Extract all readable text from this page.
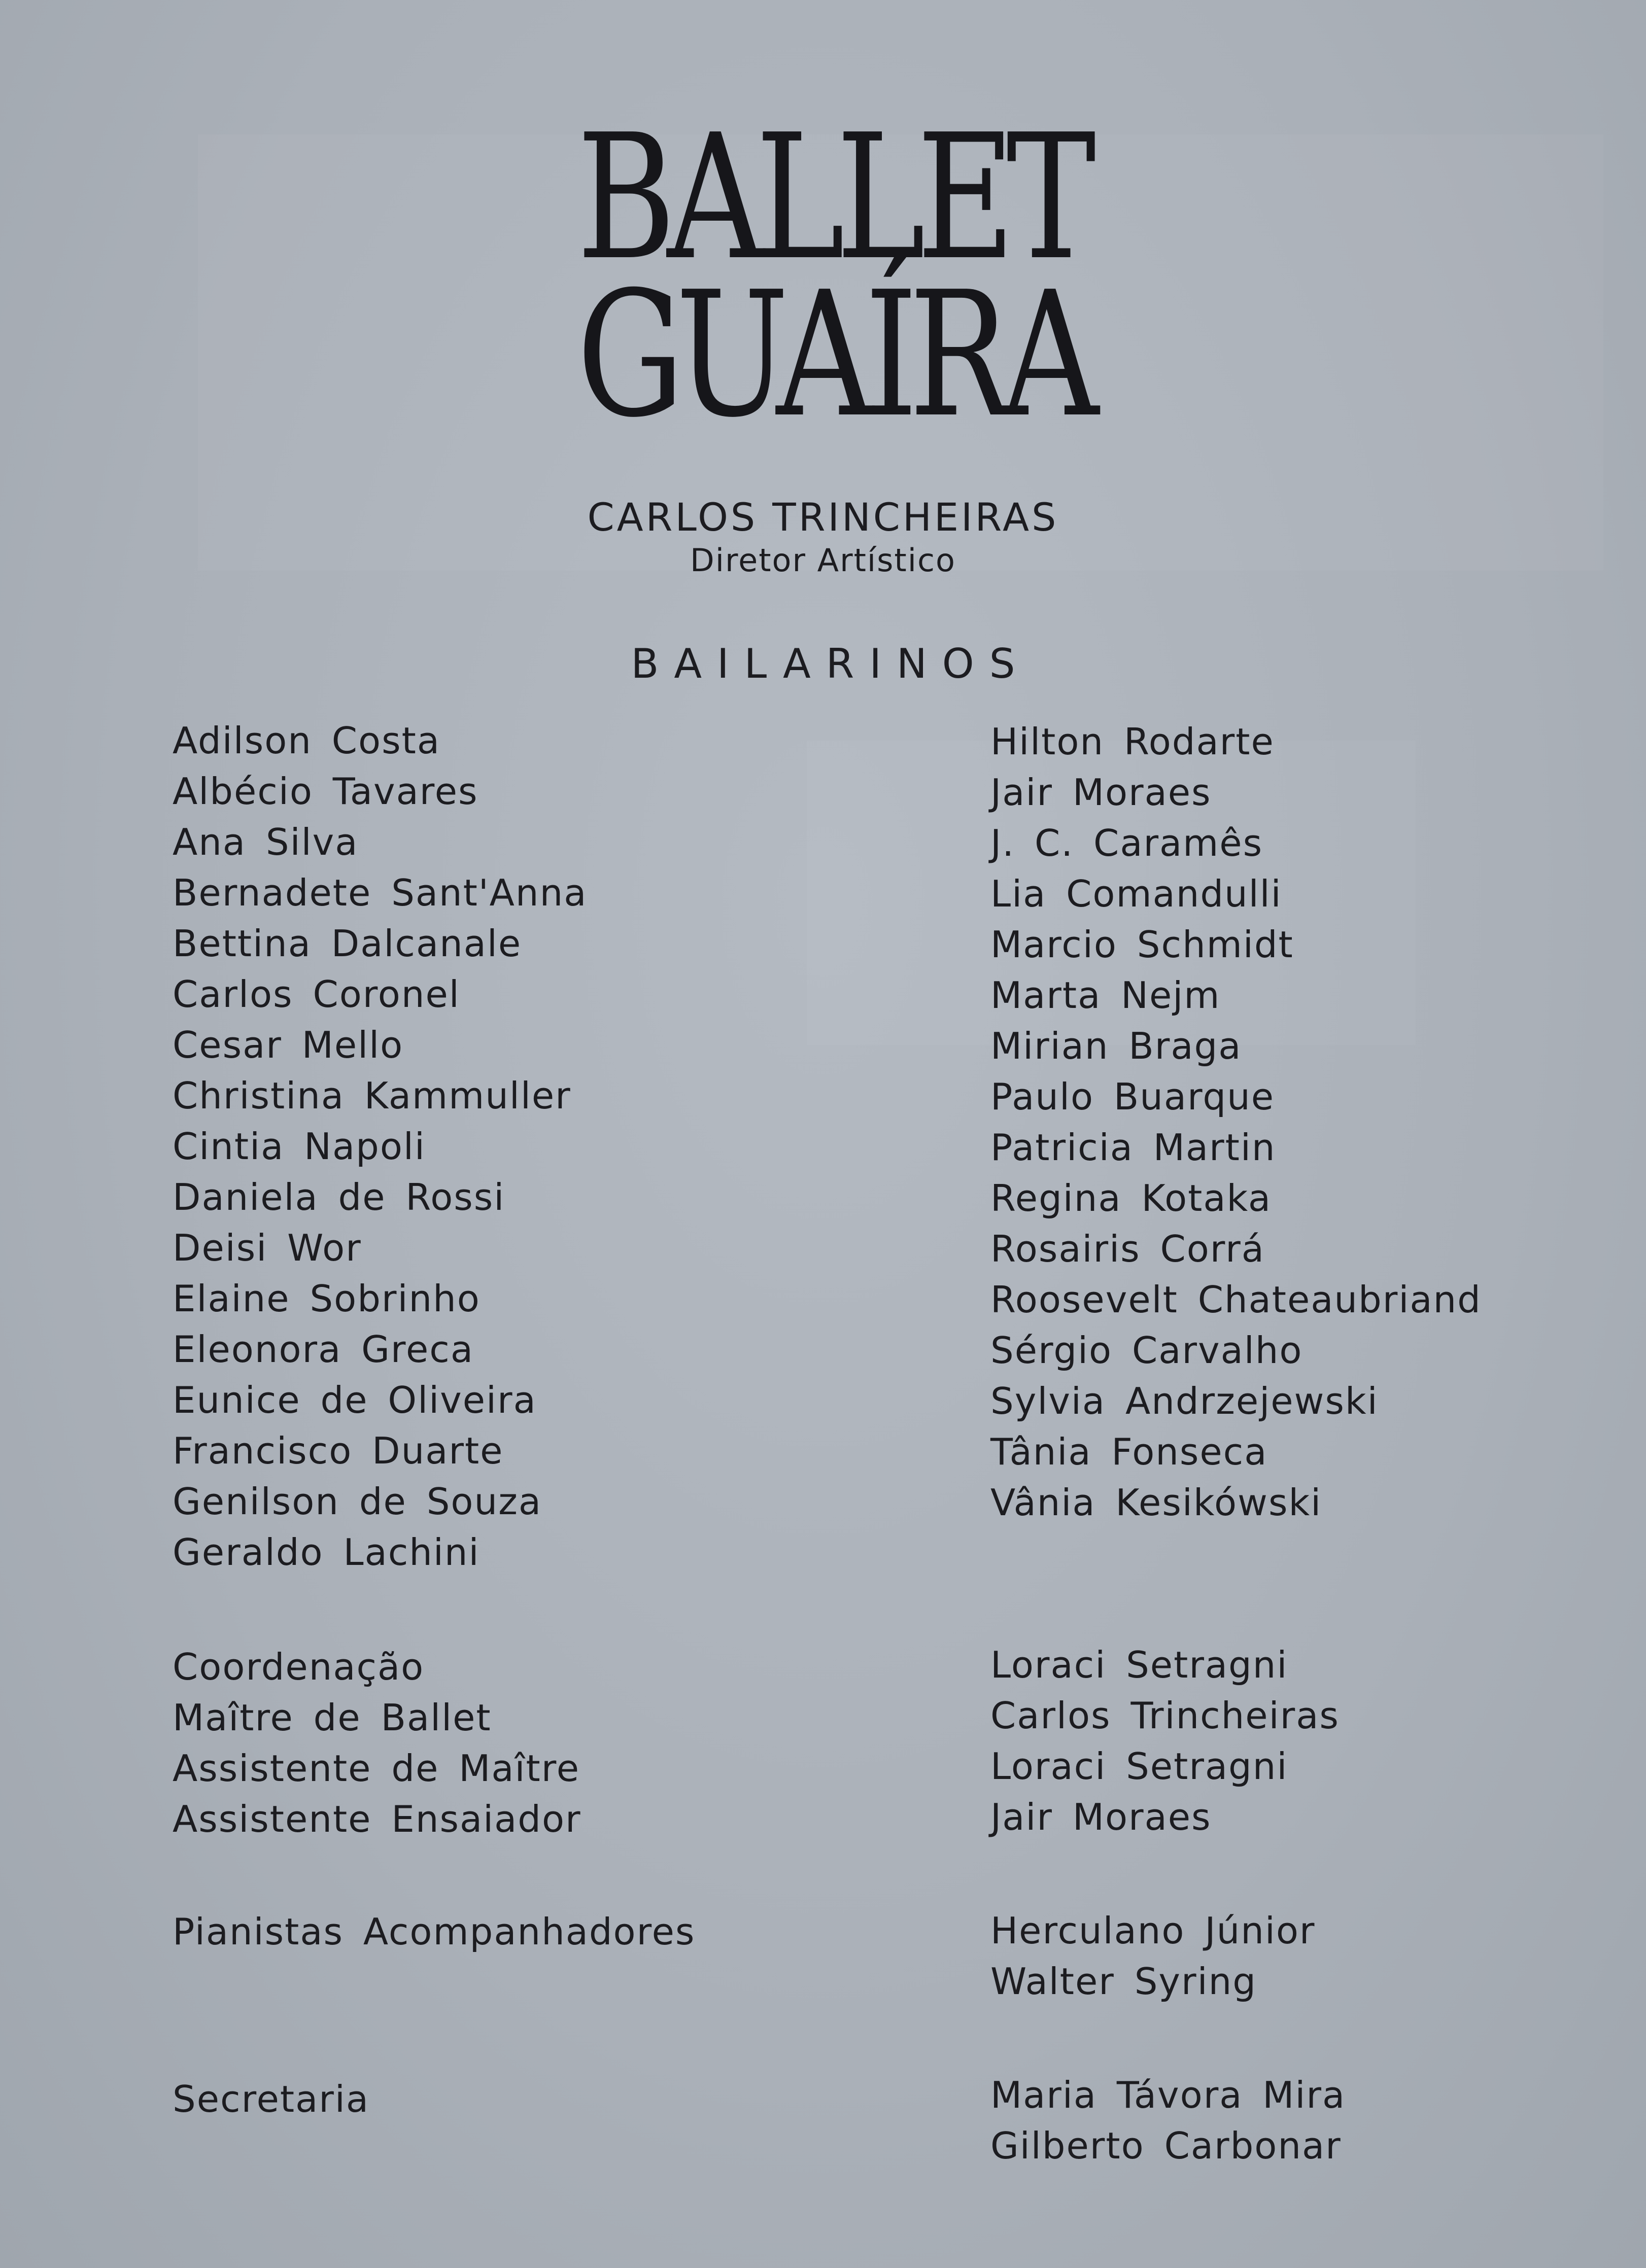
BALLET
GUAÍRA
CARLOS TRINCHEIRAS
Diretor Artístico
BAILARINOS
Adilson Costa
Albécio Tavares
Ana Silva
Bernadete Sant'Anna
Bettina Dalcanale
Carlos Coronel
Cesar Mello
Christina Kammuller
Cintia Napoli
Daniela de Rossi
Deisi Wor
Elaine Sobrinho
Eleonora Greca
Eunice de Oliveira
Francisco Duarte
Genilson de Souza
Geraldo Lachini
Hilton Rodarte
Jair Moraes
J. C. Caramês
Lia Comandulli
Marcio Schmidt
Marta Nejm
Mirian Braga
Paulo Buarque
Patricia Martin
Regina Kotaka
Rosairis Corrá
Roosevelt Chateaubriand
Sérgio Carvalho
Sylvia Andrzejewski
Tânia Fonseca
Vânia Kesikówski
Coordenação
Maître de Ballet
Assistente de Maître
Assistente Ensaiador
Loraci Setragni
Carlos Trincheiras
Loraci Setragni
Jair Moraes
Pianistas Acompanhadores	Herculano Júnior
Walter Syring
Secretaria	Maria Távora Mira
Gilberto Carbonar
